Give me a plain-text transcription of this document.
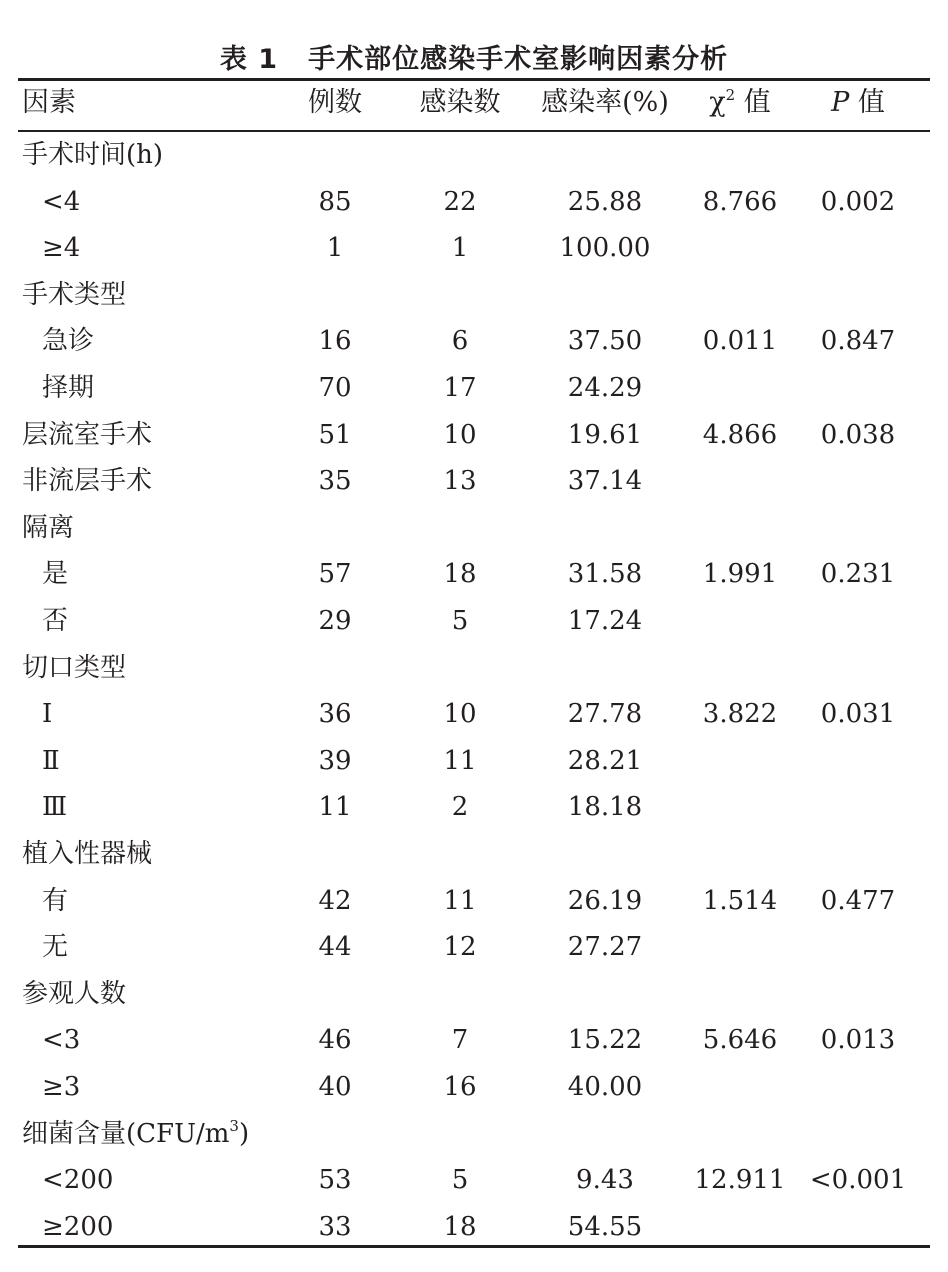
表 1 手术部位感染手术室影响因素分析
因素	例数	感染数	感染率(%)	$\chi^2$ 值	P 值
手术时间(h)
<4	85	22	25.88	8.766	0.002
≥4	1	1	100.00
手术类型
急诊	16	6	37.50	0.011	0.847
择期	70	17	24.29
层流室手术	51	10	19.61	4.866	0.038
非流层手术	35	13	37.14
隔离
是	57	18	31.58	1.991	0.231
否	29	5	17.24
切口类型
Ⅰ	36	10	27.78	3.822	0.031
Ⅱ	39	11	28.21
Ⅲ	11	2	18.18
植入性器械
有	42	11	26.19	1.514	0.477
无	44	12	27.27
参观人数
<3	46	7	15.22	5.646	0.013
≥3	40	16	40.00
细菌含量$(CFU/m^3)$
<200	53	5	9.43	12.911 <0.001
≥200	33	18	54.55
